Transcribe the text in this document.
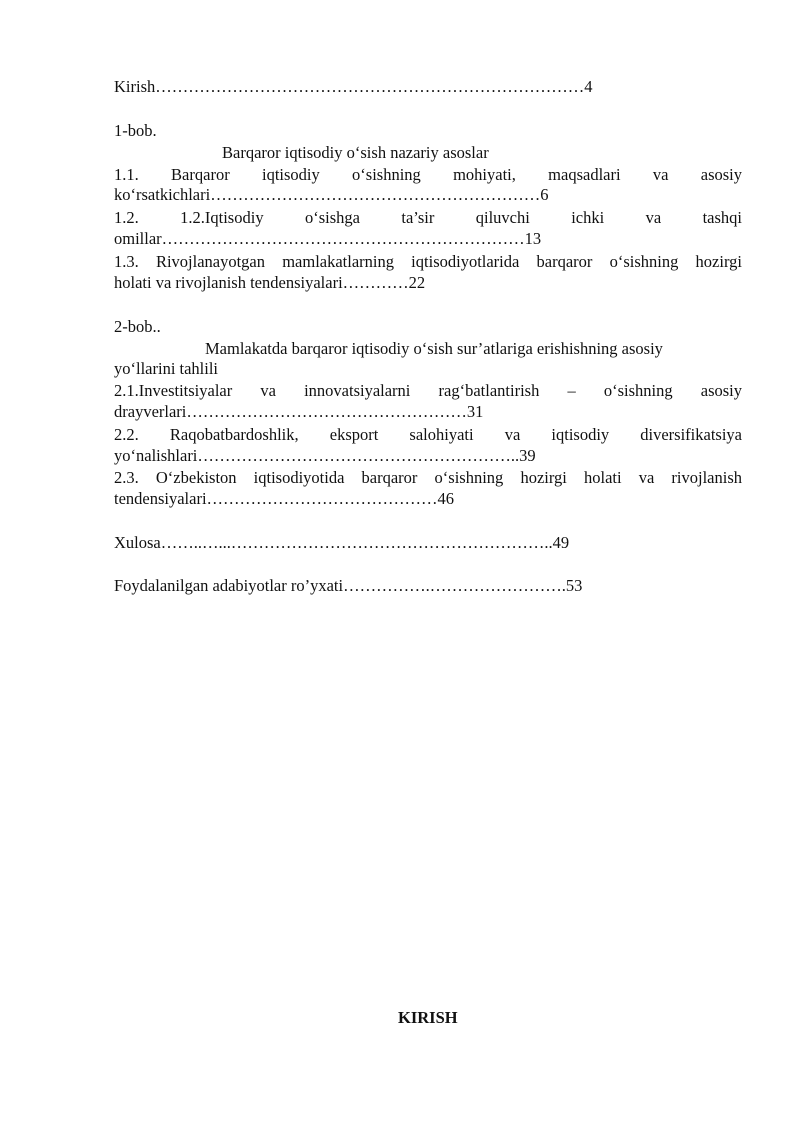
Kirish……………………………………………………………………4
1-bob.
Barqaror iqtisodiy o‘sish nazariy asoslar
1.1. Barqaror iqtisodiy o‘sishning mohiyati, maqsadlari va asosiy
ko‘rsatkichlari……………………………………………………6
1.2. 1.2.Iqtisodiy o‘sishga ta’sir qiluvchi ichki va tashqi
omillar…………………………………………………………13
1.3. Rivojlanayotgan mamlakatlarning iqtisodiyotlarida barqaror o‘sishning hozirgi
holati va rivojlanish tendensiyalari…………22
2-bob..
Mamlakatda barqaror iqtisodiy o‘sish sur’atlariga erishishning asosiy
yo‘llarini tahlili
2.1.Investitsiyalar va innovatsiyalarni rag‘batlantirish – o‘sishning asosiy
drayverlari……………………………………………31
2.2. Raqobatbardoshlik, eksport salohiyati va iqtisodiy diversifikatsiya
yo‘nalishlari…………………………………………………..39
2.3. O‘zbekiston iqtisodiyotida barqaror o‘sishning hozirgi holati va rivojlanish
tendensiyalari……………………………………46
Xulosa……..…...…………………………………………………..49
Foydalanilgan adabiyotlar ro’yxati…………….…………………….53
KIRISH
